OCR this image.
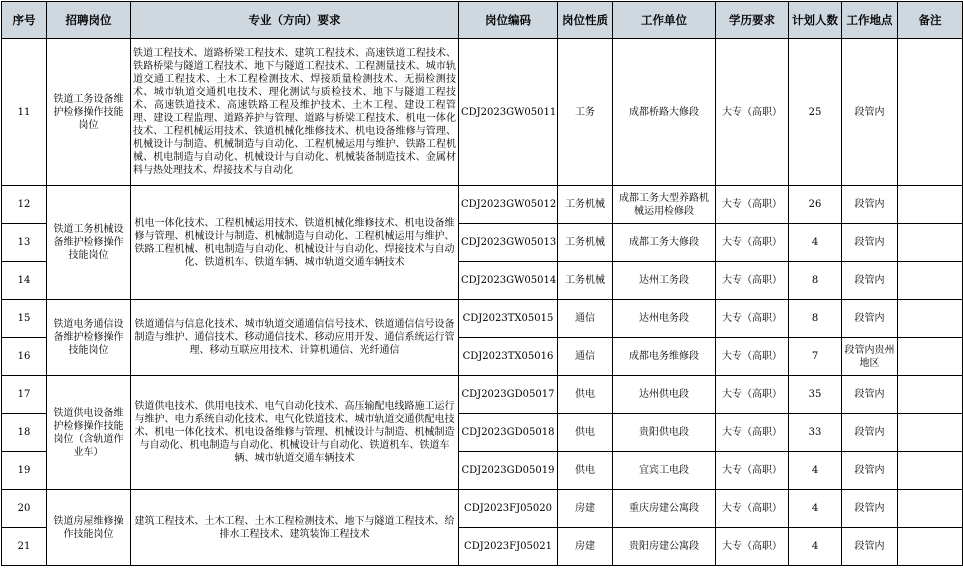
序号	招聘岗位	专业（方向）要求	岗位编码	岗位性质	工作单位	学历要求	计划人数	工作地点	备注
11	铁道工务设备维护检修操作技能岗位	铁道工程技术、道路桥梁工程技术、建筑工程技术、高速铁道工程技术、铁路桥梁与隧道工程技术、地下与隧道工程技术、工程测量技术、城市轨道交通工程技术、土木工程检测技术、焊接质量检测技术、无损检测技术、城市轨道交通机电技术、理化测试与质检技术、地下与隧道工程技术、高速铁道技术、高速铁路工程及维护技术、土木工程、建设工程管理、建设工程监理、道路养护与管理、道路与桥梁工程技术、机电一体化技术、工程机械运用技术、铁道机械化维修技术、机电设备维修与管理、机械设计与制造、机械制造与自动化、工程机械运用与维护、铁路工程机械、机电制造与自动化、机械设计与自动化、机械装备制造技术、金属材料与热处理技术、焊接技术与自动化	CDJ2023GW05011	工务	成都桥路大修段	大专（高职）	25	段管内	
12	铁道工务机械设备维护检修操作技能岗位	机电一体化技术、工程机械运用技术、铁道机械化维修技术、机电设备维修与管理、机械设计与制造、机械制造与自动化、工程机械运用与维护、铁路工程机械、机电制造与自动化、机械设计与自动化、焊接技术与自动化、铁道机车、铁道车辆、城市轨道交通车辆技术	CDJ2023GW05012	工务机械	成都工务大型养路机械运用检修段	大专（高职）	26	段管内	
13			CDJ2023GW05013	工务机械	成都工务大修段	大专（高职）	4	段管内	
14			CDJ2023GW05014	工务机械	达州工务段	大专（高职）	8	段管内	
15	铁道电务通信设备维护检修操作技能岗位	铁道通信与信息化技术、城市轨道交通通信信号技术、铁道通信信号设备制造与维护、通信技术、移动通信技术、移动应用开发、通信系统运行管理、移动互联应用技术、计算机通信、光纤通信	CDJ2023TX05015	通信	达州电务段	大专（高职）	8	段管内	
16			CDJ2023TX05016	通信	成都电务维修段	大专（高职）	7	段管内贵州地区	
17	铁道供电设备维护检修操作技能岗位（含轨道作业车）	铁道供电技术、供用电技术、电气自动化技术、高压输配电线路施工运行与维护、电力系统自动化技术、电气化铁道技术、城市轨道交通供配电技术、机电一体化技术、机电设备维修与管理、机械设计与制造、机械制造与自动化、机电制造与自动化、机械设计与自动化、铁道机车、铁道车辆、城市轨道交通车辆技术	CDJ2023GD05017	供电	达州供电段	大专（高职）	35	段管内	
18			CDJ2023GD05018	供电	贵阳供电段	大专（高职）	33	段管内	
19			CDJ2023GD05019	供电	宜宾工电段	大专（高职）	4	段管内	
20	铁道房屋维修操作技能岗位	建筑工程技术、土木工程、土木工程检测技术、地下与隧道工程技术、给排水工程技术、建筑装饰工程技术	CDJ2023FJ05020	房建	重庆房建公寓段	大专（高职）	4	段管内	
21			CDJ2023FJ05021	房建	贵阳房建公寓段	大专（高职）	4	段管内	
